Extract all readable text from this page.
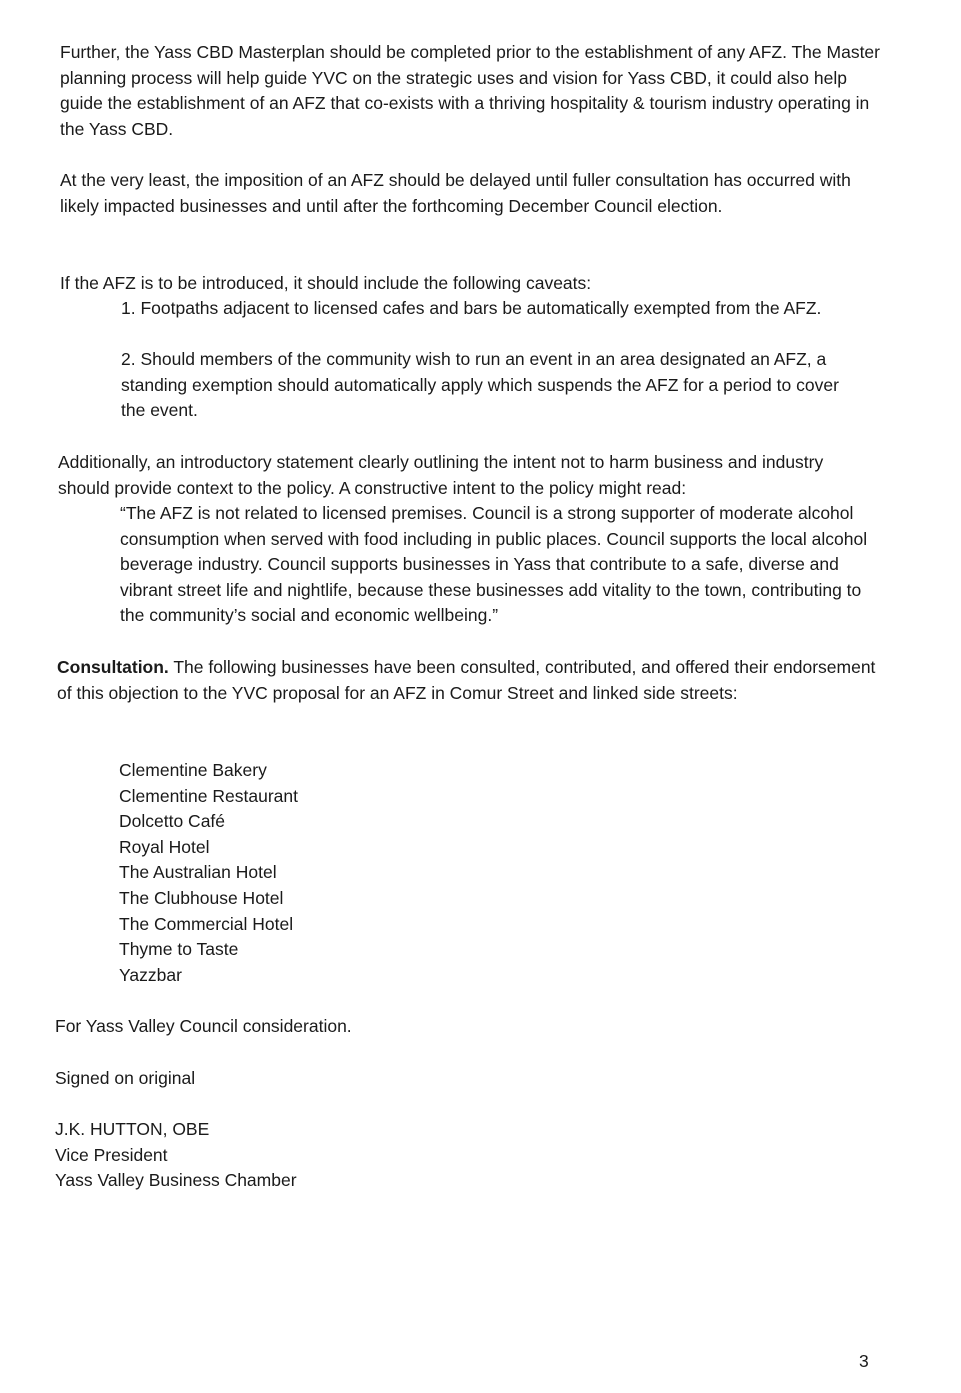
Further, the Yass CBD Masterplan should be completed prior to the establishment of any AFZ. The Master planning process will help guide YVC on the strategic uses and vision for Yass CBD, it could also help guide the establishment of an AFZ that co-exists with a thriving hospitality & tourism industry operating in the Yass CBD.

At the very least, the imposition of an AFZ should be delayed until fuller consultation has occurred with likely impacted businesses and until after the forthcoming December Council election.

If the AFZ is to be introduced, it should include the following caveats:

1. Footpaths adjacent to licensed cafes and bars be automatically exempted from the AFZ.

2. Should members of the community wish to run an event in an area designated an AFZ, a standing exemption should automatically apply which suspends the AFZ for a period to cover the event.

Additionally, an introductory statement clearly outlining the intent not to harm business and industry should provide context to the policy. A constructive intent to the policy might read:

“The AFZ is not related to licensed premises. Council is a strong supporter of moderate alcohol consumption when served with food including in public places. Council supports the local alcohol beverage industry. Council supports businesses in Yass that contribute to a safe, diverse and vibrant street life and nightlife, because these businesses add vitality to the town, contributing to the community’s social and economic wellbeing.”

Consultation. The following businesses have been consulted, contributed, and offered their endorsement of this objection to the YVC proposal for an AFZ in Comur Street and linked side streets:

Clementine Bakery
Clementine Restaurant
Dolcetto Café
Royal Hotel
The Australian Hotel
The Clubhouse Hotel
The Commercial Hotel
Thyme to Taste
Yazzbar

For Yass Valley Council consideration.

Signed on original

J.K. HUTTON, OBE

Vice President

Yass Valley Business Chamber

3
